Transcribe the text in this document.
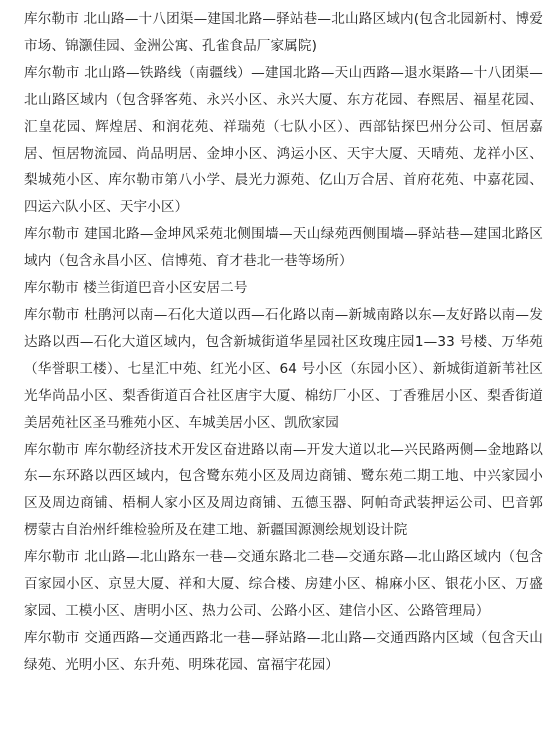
库尔勒市 北山路—十八团渠—建国北路—驿站巷—北山路区域内(包含北园新村、博爱市场、锦灏佳园、金洲公寓、孔雀食品厂家属院)

库尔勒市 北山路—铁路线（南疆线）—建国北路—天山西路—退水渠路—十八团渠—北山路区域内（包含驿客苑、永兴小区、永兴大厦、东方花园、春熙居、福星花园、汇皇花园、辉煌居、和润花苑、祥瑞苑（七队小区）、西部钻探巴州分公司、恒居嘉居、恒居物流园、尚品明居、金坤小区、鸿运小区、天宇大厦、天晴苑、龙祥小区、梨城苑小区、库尔勒市第八小学、晨光力源苑、亿山万合居、首府花苑、中嘉花园、四运六队小区、天宇小区）

库尔勒市 建国北路—金坤风采苑北侧围墙—天山绿苑西侧围墙—驿站巷—建国北路区域内（包含永昌小区、信博苑、育才巷北一巷等场所）

库尔勒市 楼兰街道巴音小区安居二号

库尔勒市 杜鹃河以南—石化大道以西—石化路以南—新城南路以东—友好路以南—发达路以西—石化大道区域内，包含新城街道华星园社区玫瑰庄园1—33 号楼、万华苑（华誉职工楼）、七星汇中苑、红光小区、64 号小区（东园小区）、新城街道新苇社区光华尚品小区、梨香街道百合社区唐宇大厦、棉纺厂小区、丁香雅居小区、梨香街道美居苑社区圣马雅苑小区、车城美居小区、凯欣家园

库尔勒市 库尔勒经济技术开发区奋进路以南—开发大道以北—兴民路两侧—金地路以东—东环路以西区域内，包含鹭东苑小区及周边商铺、鹭东苑二期工地、中兴家园小区及周边商铺、梧桐人家小区及周边商铺、五德玉器、阿帕奇武装押运公司、巴音郭楞蒙古自治州纤维检验所及在建工地、新疆国源测绘规划设计院

库尔勒市 北山路—北山路东一巷—交通东路北二巷—交通东路—北山路区域内（包含百家园小区、京昱大厦、祥和大厦、综合楼、房建小区、棉麻小区、银花小区、万盛家园、工模小区、唐明小区、热力公司、公路小区、建信小区、公路管理局）

库尔勒市 交通西路—交通西路北一巷—驿站路—北山路—交通西路内区域（包含天山绿苑、光明小区、东升苑、明珠花园、富福宇花园）
